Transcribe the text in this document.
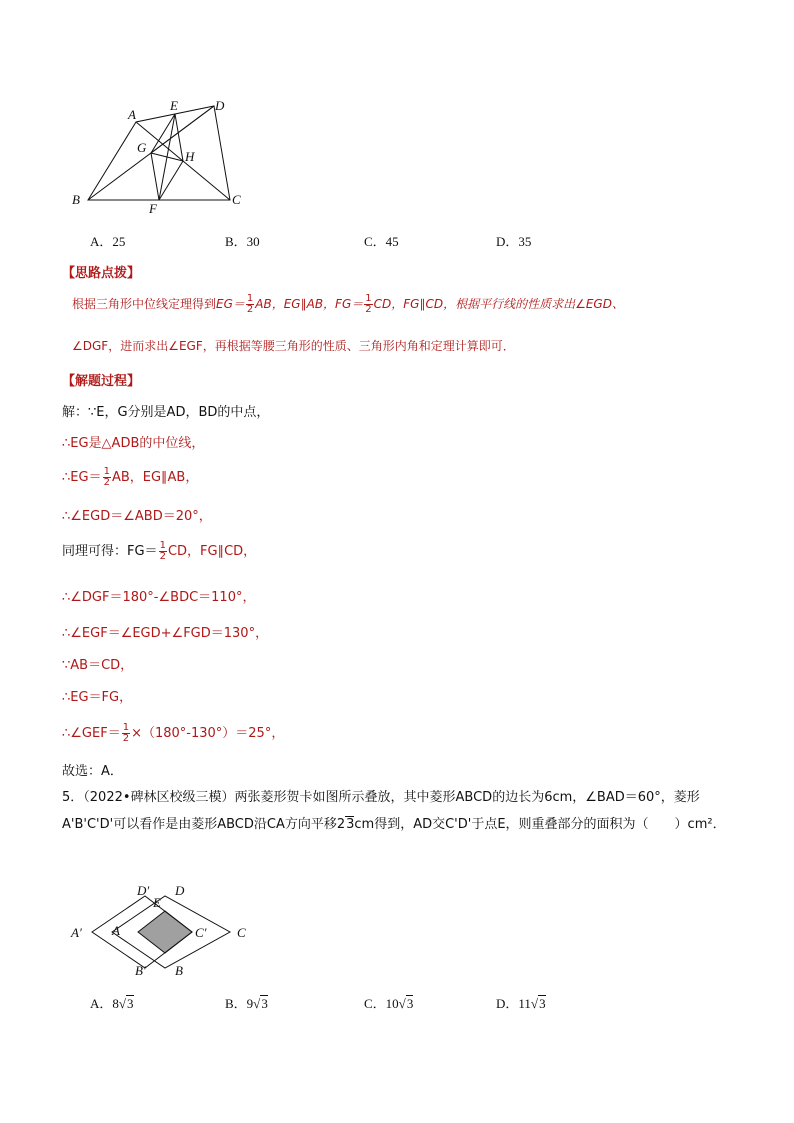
A
E	D
G
H
B
F
C
A．25	B．30	C．45	D．35
【思路点拨】
根据三角形中位线定理得到$EG= \frac{1}{2}$ AB，EG∥AB，$FG= \frac{1}{2}$ CD，FG∥CD，根据平行线的性质求出∠EGD、
∠DGF，进而求出∠EGF，再根据等腰三角形的性质、三角形内角和定理计算即可．
【解题过程】
解：∵E，G分别是AD，BD的中点，
∴EG是△ADB的中位线，
∴EG＝ $\frac{1}{2}$ AB，EG∥AB，
∴∠EGD＝∠ABD＝20°，
同理可得：$FG= \frac{1}{2}$ CD，FG∥CD，
∴∠DGF＝180°-∠BDC＝110°，
∴∠EGF＝∠EGD+∠FGD＝130°，
∵AB＝CD，
∴EG＝FG，
∴∠GEF＝ $\frac{1}{2} \times(180^\circ-130^\circ)=25^\circ$，
故选：A．
5．（2022•碑林区校级三模）两张菱形贺卡如图所示叠放，其中菱形ABCD的边长为6cm，∠BAD＝60°，菱形A'B'C'D'可以看作是由菱形ABCD沿CA方向平移23cm得到，AD交C'D'于点E，则重叠部分的面积为（　　）cm²．
D′ D
E
A′ A	C′ C
B′ B
A．8√3	B．9√3	C．10√3	D．11√3
